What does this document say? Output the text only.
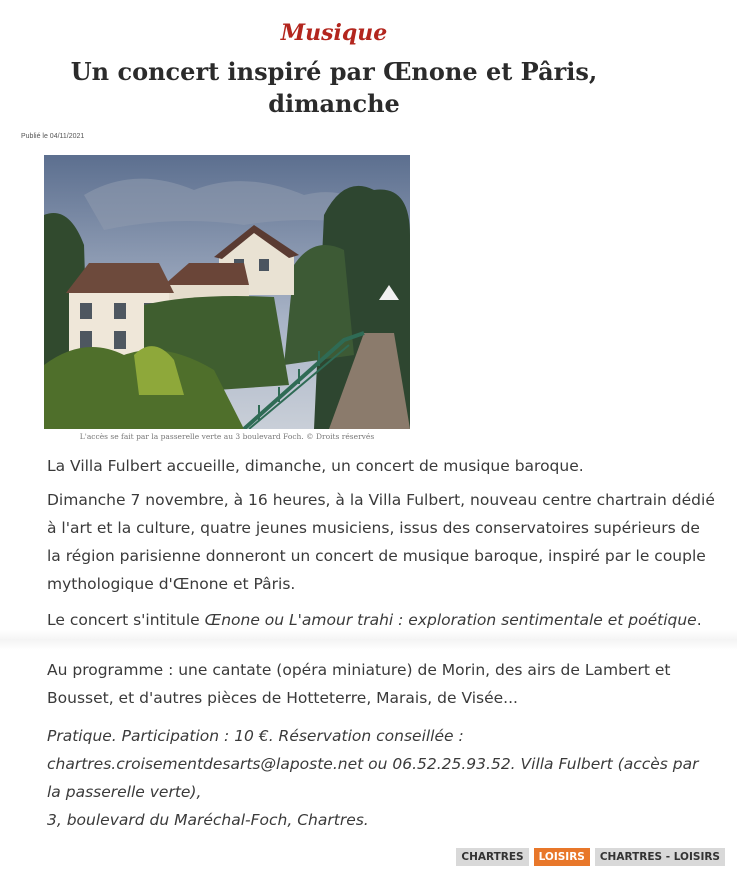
Musique
Un concert inspiré par Œnone et Pâris, dimanche
Publié le 04/11/2021
L'accès se fait par la passerelle verte au 3 boulevard Foch. © Droits réservés

La Villa Fulbert accueille, dimanche, un concert de musique baroque.

Dimanche 7 novembre, à 16 heures, à la Villa Fulbert, nouveau centre chartrain dédié à l'art et la culture, quatre jeunes musiciens, issus des conservatoires supérieurs de la région parisienne donneront un concert de musique baroque, inspiré par le couple mythologique d'Œnone et Pâris.

Le concert s'intitule Œnone ou L'amour trahi : exploration sentimentale et poétique.

Au programme : une cantate (opéra miniature) de Morin, des airs de Lambert et Bousset, et d'autres pièces de Hotteterre, Marais, de Visée...

Pratique. Participation : 10 €. Réservation conseillée : chartres.croisementdesarts@laposte.net ou 06.52.25.93.52. Villa Fulbert (accès par la passerelle verte),
3, boulevard du Maréchal-Foch, Chartres.

CHARTRES	LOISIRS	CHARTRES - LOISIRS
